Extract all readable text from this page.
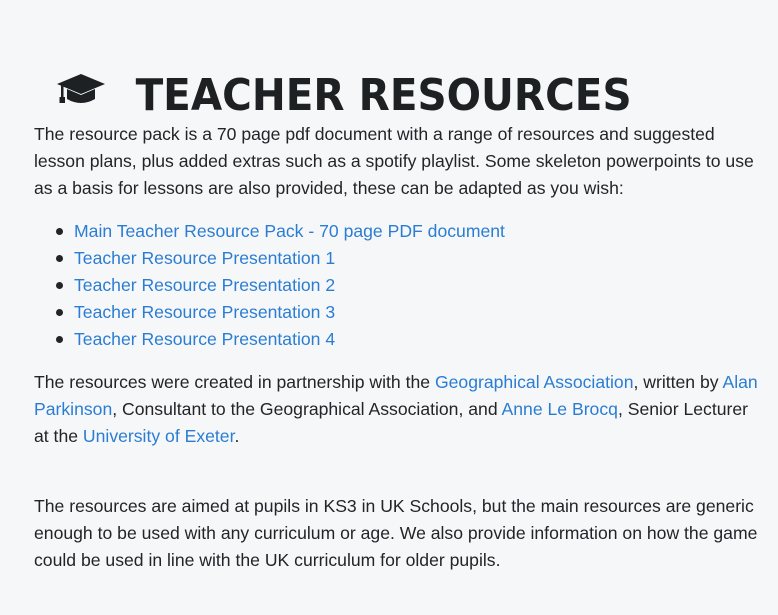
TEACHER RESOURCES

The resource pack is a 70 page pdf document with a range of resources and suggested lesson plans, plus added extras such as a spotify playlist. Some skeleton powerpoints to use as a basis for lessons are also provided, these can be adapted as you wish:

Main Teacher Resource Pack - 70 page PDF document
Teacher Resource Presentation 1
Teacher Resource Presentation 2
Teacher Resource Presentation 3
Teacher Resource Presentation 4

The resources were created in partnership with the Geographical Association, written by Alan Parkinson, Consultant to the Geographical Association, and Anne Le Brocq, Senior Lecturer at the University of Exeter.

The resources are aimed at pupils in KS3 in UK Schools, but the main resources are generic enough to be used with any curriculum or age. We also provide information on how the game could be used in line with the UK curriculum for older pupils.
